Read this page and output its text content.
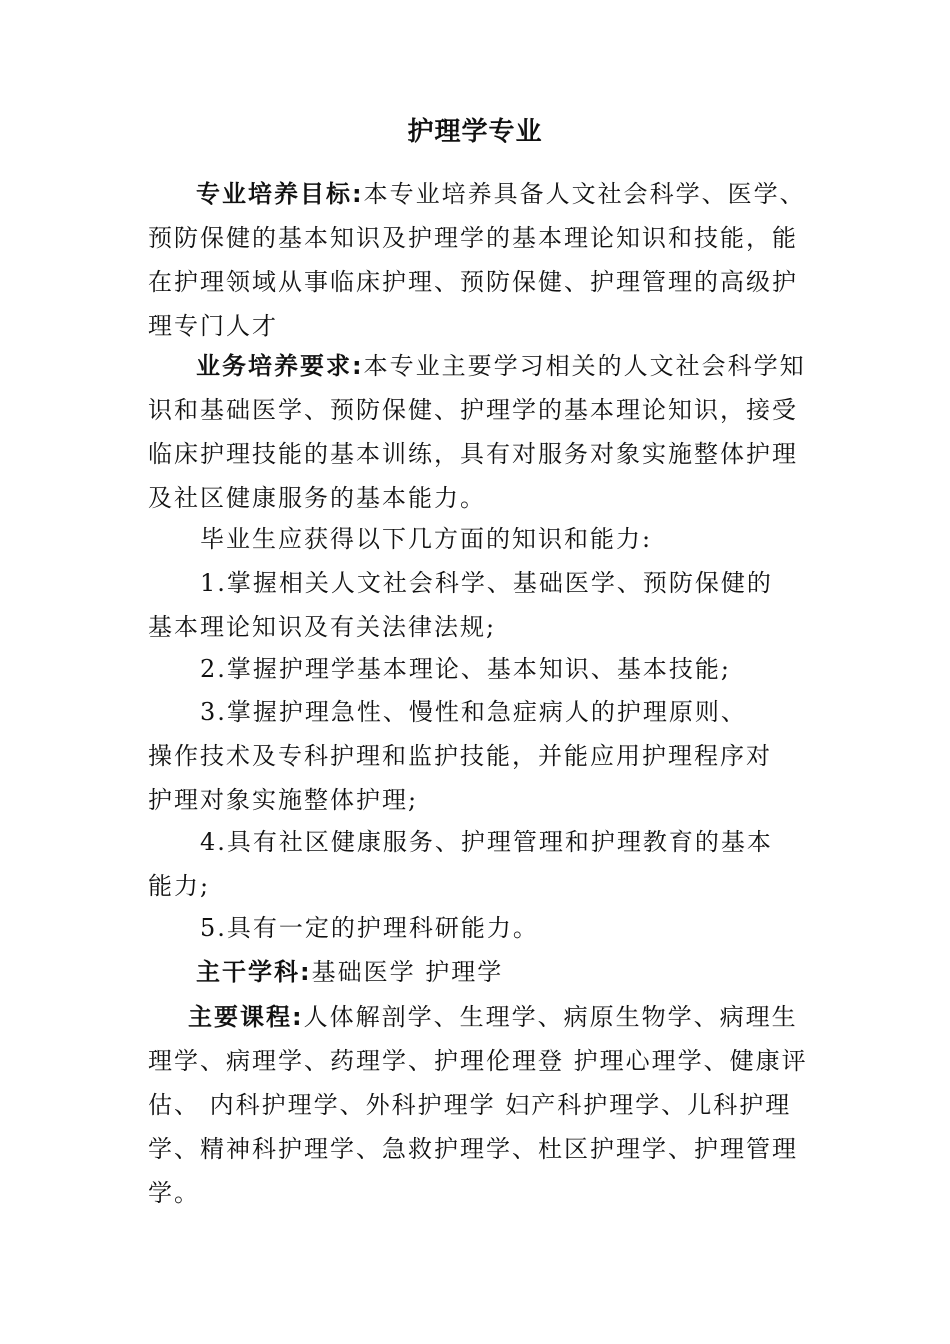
护理学专业
专业培养目标:本专业培养具备人文社会科学、医学、预防保健的基本知识及护理学的基本理论知识和技能，能在护理领域从事临床护理、预防保健、护理管理的高级护理专门人才
业务培养要求:本专业主要学习相关的人文社会科学知识和基础医学、预防保健、护理学的基本理论知识，接受临床护理技能的基本训练，具有对服务对象实施整体护理及社区健康服务的基本能力。
毕业生应获得以下几方面的知识和能力:
1.掌握相关人文社会科学、基础医学、预防保健的基本理论知识及有关法律法规;
2.掌握护理学基本理论、基本知识、基本技能;
3.掌握护理急性、慢性和急症病人的护理原则、 操作技术及专科护理和监护技能，并能应用护理程序对护理对象实施整体护理;
4.具有社区健康服务、护理管理和护理教育的基本能力;
5.具有一定的护理科研能力。
主干学科:基础医学 护理学
主要课程:人体解剖学、生理学、病原生物学、病理生理学、病理学、药理学、护理伦理登 护理心理学、健康评估、 内科护理学、外科护理学 妇产科护理学、儿科护理学、精神科护理学、急救护理学、杜区护理学、护理管理学。
